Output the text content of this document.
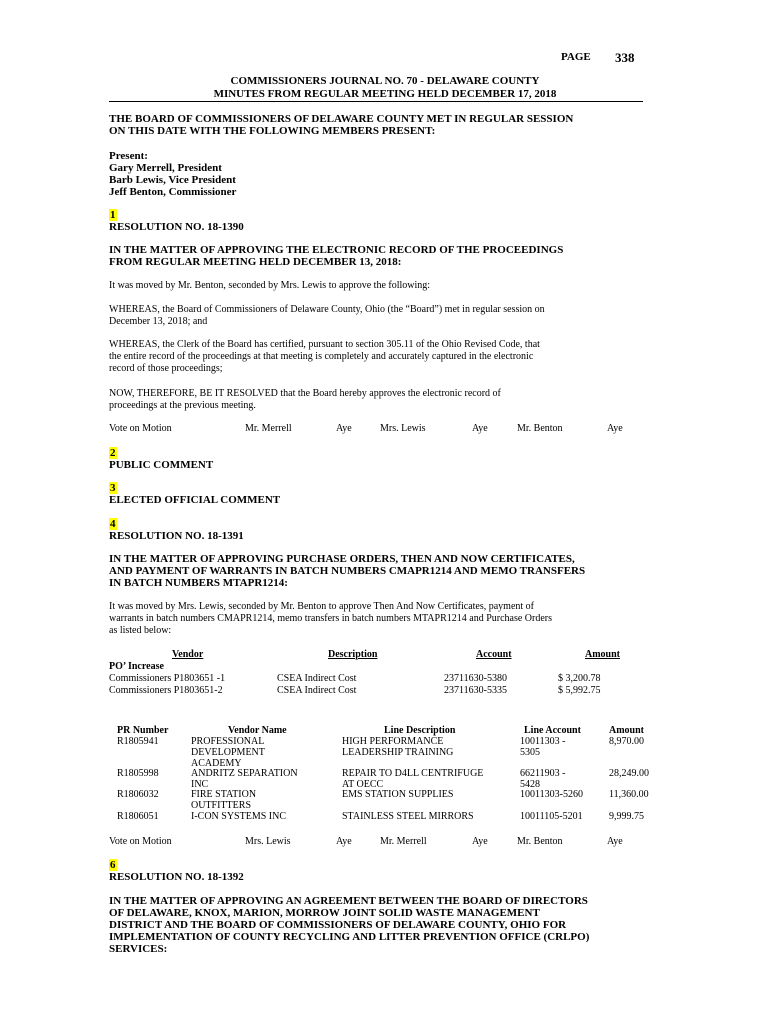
PAGE 338
COMMISSIONERS JOURNAL NO. 70 - DELAWARE COUNTY
MINUTES FROM REGULAR MEETING HELD DECEMBER 17, 2018
THE BOARD OF COMMISSIONERS OF DELAWARE COUNTY MET IN REGULAR SESSION
ON THIS DATE WITH THE FOLLOWING MEMBERS PRESENT:
Present:
Gary Merrell, President
Barb Lewis, Vice President
Jeff Benton, Commissioner
1
RESOLUTION NO. 18-1390
IN THE MATTER OF APPROVING THE ELECTRONIC RECORD OF THE PROCEEDINGS
FROM REGULAR MEETING HELD DECEMBER 13, 2018:
It was moved by Mr. Benton, seconded by Mrs. Lewis to approve the following:
WHEREAS, the Board of Commissioners of Delaware County, Ohio (the “Board”) met in regular session on
December 13, 2018; and
WHEREAS, the Clerk of the Board has certified, pursuant to section 305.11 of the Ohio Revised Code, that
the entire record of the proceedings at that meeting is completely and accurately captured in the electronic
record of those proceedings;
NOW, THEREFORE, BE IT RESOLVED that the Board hereby approves the electronic record of
proceedings at the previous meeting.
Vote on Motion	Mr. Merrell	Aye	Mrs. Lewis	Aye	Mr. Benton	Aye
2
PUBLIC COMMENT
3
ELECTED OFFICIAL COMMENT
4
RESOLUTION NO. 18-1391
IN THE MATTER OF APPROVING PURCHASE ORDERS, THEN AND NOW CERTIFICATES,
AND PAYMENT OF WARRANTS IN BATCH NUMBERS CMAPR1214 AND MEMO TRANSFERS
IN BATCH NUMBERS MTAPR1214:
It was moved by Mrs. Lewis, seconded by Mr. Benton to approve Then And Now Certificates, payment of
warrants in batch numbers CMAPR1214, memo transfers in batch numbers MTAPR1214 and Purchase Orders
as listed below:
Vendor	Description	Account	Amount
PO’ Increase
Commissioners P1803651 -1	CSEA Indirect Cost	23711630-5380	$ 3,200.78
Commissioners P1803651-2	CSEA Indirect Cost	23711630-5335	$ 5,992.75
PR Number	Vendor Name	Line Description	Line Account	Amount
R1805941	PROFESSIONAL	HIGH PERFORMANCE	10011303 -	8,970.00
DEVELOPMENT	LEADERSHIP TRAINING	5305
ACADEMY
R1805998	ANDRITZ SEPARATION	REPAIR TO D4LL CENTRIFUGE	66211903 -	28,249.00
INC	AT OECC	5428
R1806032	FIRE STATION	EMS STATION SUPPLIES	10011303-5260	11,360.00
OUTFITTERS
R1806051	I-CON SYSTEMS INC	STAINLESS STEEL MIRRORS	10011105-5201	9,999.75
Vote on Motion	Mrs. Lewis	Aye	Mr. Merrell	Aye	Mr. Benton	Aye
6
RESOLUTION NO. 18-1392
IN THE MATTER OF APPROVING AN AGREEMENT BETWEEN THE BOARD OF DIRECTORS
OF DELAWARE, KNOX, MARION, MORROW JOINT SOLID WASTE MANAGEMENT
DISTRICT AND THE BOARD OF COMMISSIONERS OF DELAWARE COUNTY, OHIO FOR
IMPLEMENTATION OF COUNTY RECYCLING AND LITTER PREVENTION OFFICE (CRLPO)
SERVICES:
